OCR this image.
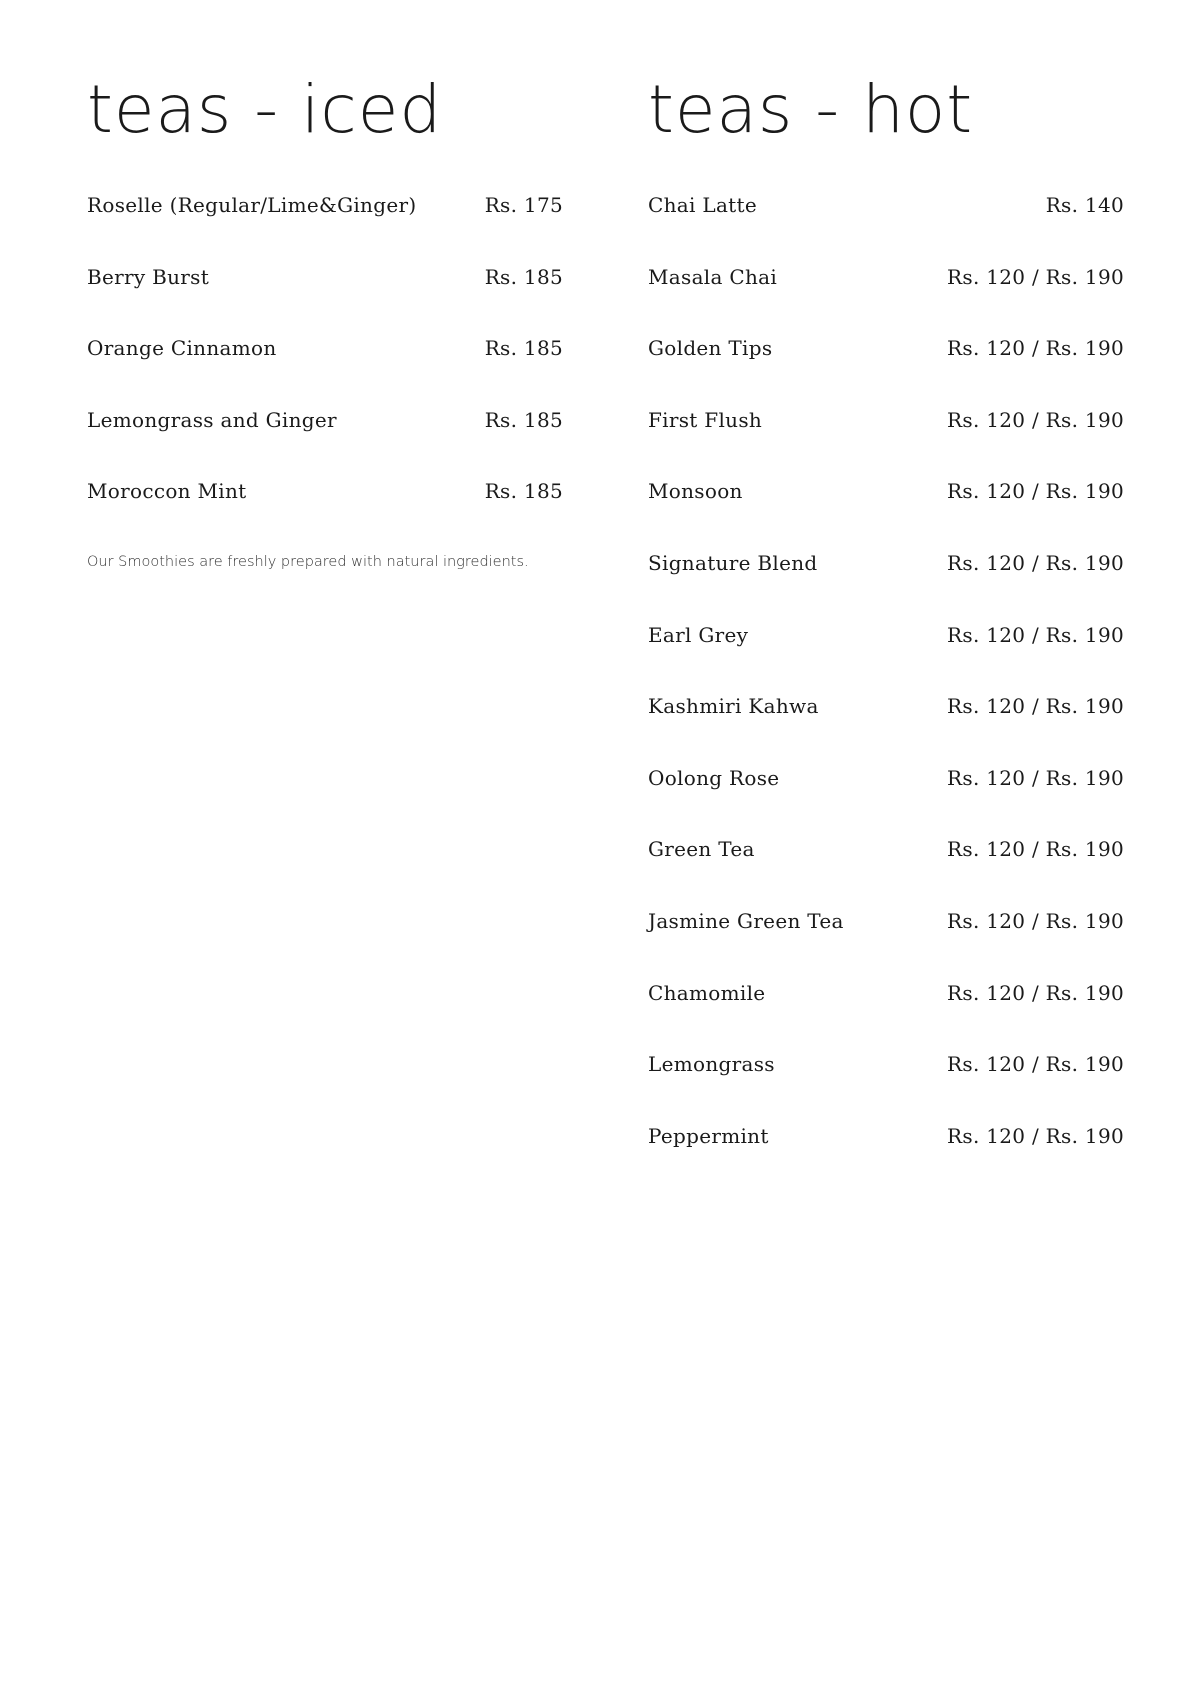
teas - iced
Roselle (Regular/Lime&Ginger)	Rs. 175
Berry Burst	Rs. 185
Orange Cinnamon	Rs. 185
Lemongrass and Ginger	Rs. 185
Moroccon Mint	Rs. 185

Our Smoothies are freshly prepared with natural ingredients.

teas - hot
Chai Latte	Rs. 140
Masala Chai	Rs. 120 / Rs. 190
Golden Tips	Rs. 120 / Rs. 190
First Flush	Rs. 120 / Rs. 190
Monsoon	Rs. 120 / Rs. 190
Signature Blend	Rs. 120 / Rs. 190
Earl Grey	Rs. 120 / Rs. 190
Kashmiri Kahwa	Rs. 120 / Rs. 190
Oolong Rose	Rs. 120 / Rs. 190
Green Tea	Rs. 120 / Rs. 190
Jasmine Green Tea	Rs. 120 / Rs. 190
Chamomile	Rs. 120 / Rs. 190
Lemongrass	Rs. 120 / Rs. 190
Peppermint	Rs. 120 / Rs. 190
